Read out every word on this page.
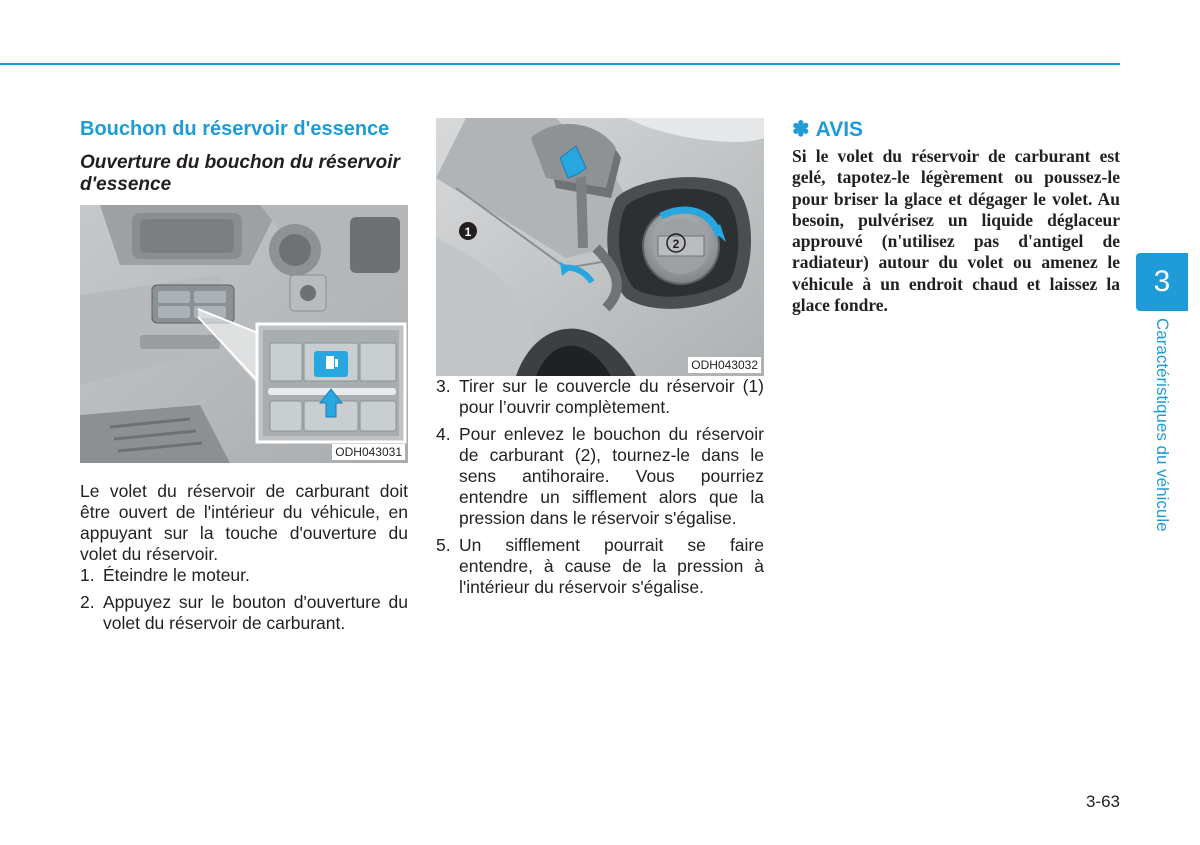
Bouchon du réservoir d'essence
Ouverture du bouchon du réservoir d'essence
ODH043031

Le volet du réservoir de carburant doit être ouvert de l'intérieur du véhicule, en appuyant sur la touche d'ouverture du volet du réservoir.

1. Éteindre le moteur.
2. Appuyez sur le bouton d'ouverture du volet du réservoir de carburant.
1
2
ODH043032
3. Tirer sur le couvercle du réservoir (1) pour l’ouvrir complètement.
4. Pour enlevez le bouchon du réservoir de carburant (2), tournez-le dans le sens antihoraire. Vous pourriez entendre un sifflement alors que la pression dans le réservoir s'égalise.
5. Un sifflement pourrait se faire entendre, à cause de la pression à l'intérieur du réservoir s'égalise.
✽ AVIS

Si le volet du réservoir de carburant est gelé, tapotez-le légèrement ou poussez-le pour briser la glace et dégager le volet. Au besoin, pulvérisez un liquide déglaceur approuvé (n'utilisez pas d'antigel de radiateur) autour du volet ou amenez le véhicule à un endroit chaud et laissez la glace fondre.

3
Caractéristiques du véhicule
3-63
